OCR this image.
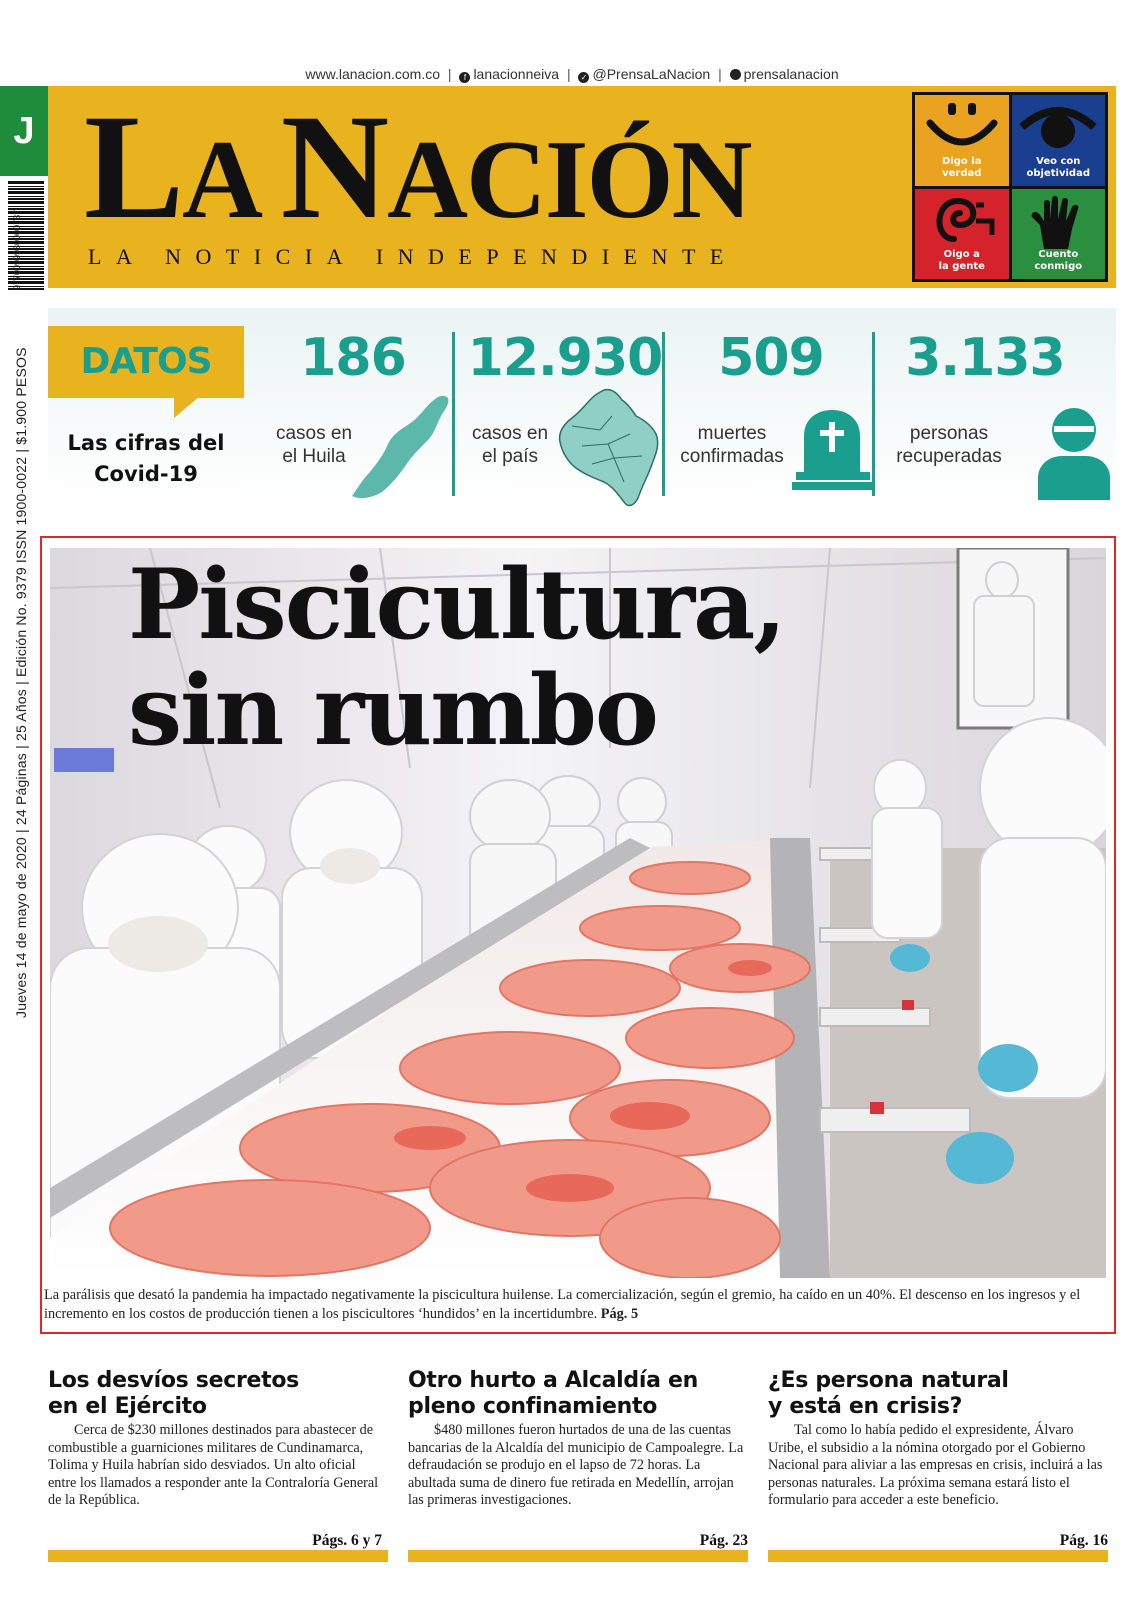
www.lanacion.com.co | f lanacionneiva | ✓ @PrensaLaNacion | prensalanacion
J
9770099930000787
Jueves 14 de mayo de 2020 | 24 Páginas | 25 Años | Edición No. 9379 ISSN 1900-0022 | $1.900 PESOS
LA NACIÓN
LA NOTICIA INDEPENDIENTE
Digo la
verdad
Veo con
objetividad
Oigo a
la gente
Cuento
conmigo
DATOS
Las cifras del
Covid-19
186
casos en
el Huila
12.930
casos en
el país
509
muertes
confirmadas
3.133
personas
recuperadas
Piscicultura,
sin rumbo
La parálisis que desató la pandemia ha impactado negativamente la piscicultura huilense. La comercialización, según el gremio, ha caído en un 40%. El descenso en los ingresos y el incremento en los costos de producción tienen a los piscicultores ‘hundidos’ en la incertidumbre. Pág. 5
Los desvíos secretos
en el Ejército

Cerca de $230 millones destinados para abastecer de combustible a guarniciones militares de Cundinamarca, Tolima y Huila habrían sido desviados. Un alto oficial entre los llamados a responder ante la Contraloría General de la República.

Págs. 6 y 7
Otro hurto a Alcaldía en
pleno confinamiento

$480 millones fueron hurtados de una de las cuentas bancarias de la Alcaldía del municipio de Campoalegre. La defraudación se produjo en el lapso de 72 horas. La abultada suma de dinero fue retirada en Medellín, arrojan las primeras investigaciones.

Pág. 23
¿Es persona natural
y está en crisis?

Tal como lo había pedido el expresidente, Álvaro Uribe, el subsidio a la nómina otorgado por el Gobierno Nacional para aliviar a las empresas en crisis, incluirá a las personas naturales. La próxima semana estará listo el formulario para acceder a este beneficio.

Pág. 16
